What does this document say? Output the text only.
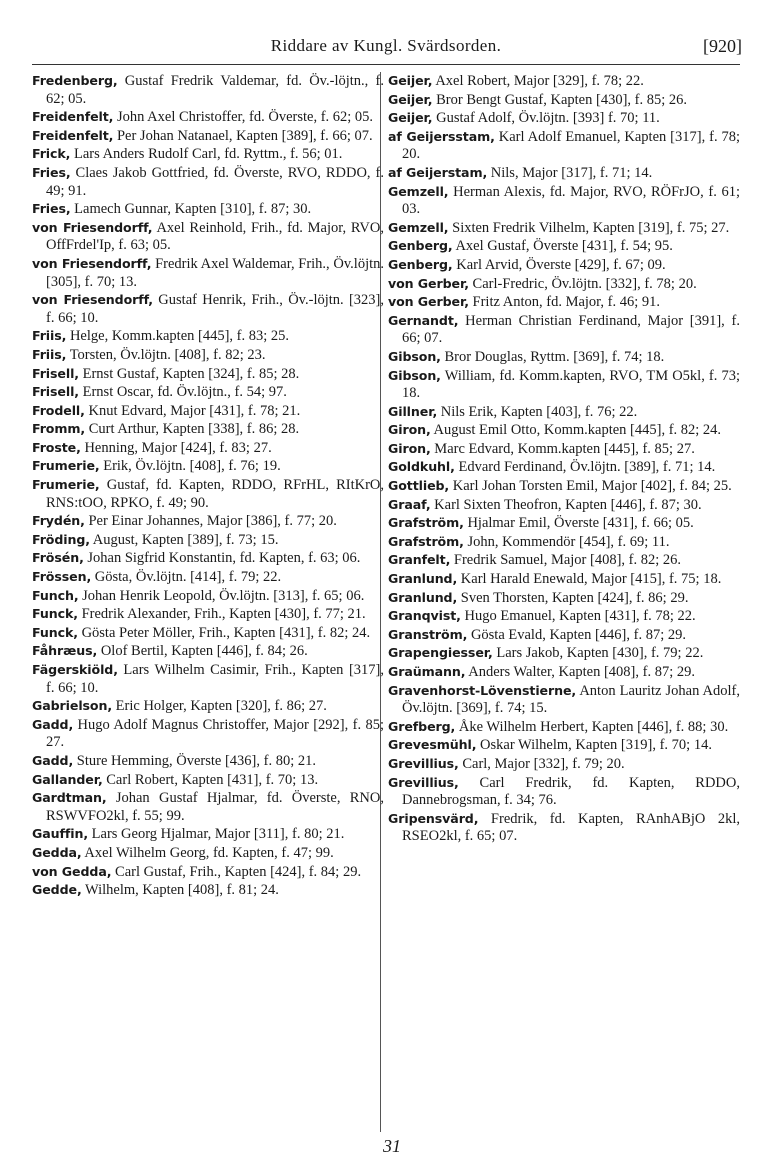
Riddare av Kungl. Svärdsorden.	[920]

Fredenberg, Gustaf Fredrik Valdemar, fd. Öv.-löjtn., f. 62; 05.

Freidenfelt, John Axel Christoffer, fd. Överste, f. 62; 05.

Freidenfelt, Per Johan Natanael, Kapten [389], f. 66; 07.

Frick, Lars Anders Rudolf Carl, fd. Ryttm., f. 56; 01.

Fries, Claes Jakob Gottfried, fd. Överste, RVO, RDDO, f. 49; 91.

Fries, Lamech Gunnar, Kapten [310], f. 87; 30.

von Friesendorff, Axel Reinhold, Frih., fd. Major, RVO, OffFrdel'Ip, f. 63; 05.

von Friesendorff, Fredrik Axel Waldemar, Frih., Öv.löjtn. [305], f. 70; 13.

von Friesendorff, Gustaf Henrik, Frih., Öv.-löjtn. [323], f. 66; 10.

Friis, Helge, Komm.kapten [445], f. 83; 25.

Friis, Torsten, Öv.löjtn. [408], f. 82; 23.

Frisell, Ernst Gustaf, Kapten [324], f. 85; 28.

Frisell, Ernst Oscar, fd. Öv.löjtn., f. 54; 97.

Frodell, Knut Edvard, Major [431], f. 78; 21.

Fromm, Curt Arthur, Kapten [338], f. 86; 28.

Froste, Henning, Major [424], f. 83; 27.

Frumerie, Erik, Öv.löjtn. [408], f. 76; 19.

Frumerie, Gustaf, fd. Kapten, RDDO, RFrHL, RItKrO, RNS:tOO, RPKO, f. 49; 90.

Frydén, Per Einar Johannes, Major [386], f. 77; 20.

Fröding, August, Kapten [389], f. 73; 15.

Frösén, Johan Sigfrid Konstantin, fd. Kapten, f. 63; 06.

Frössen, Gösta, Öv.löjtn. [414], f. 79; 22.

Funch, Johan Henrik Leopold, Öv.löjtn. [313], f. 65; 06.

Funck, Fredrik Alexander, Frih., Kapten [430], f. 77; 21.

Funck, Gösta Peter Möller, Frih., Kapten [431], f. 82; 24.

Fåhræus, Olof Bertil, Kapten [446], f. 84; 26.

Fägerskiöld, Lars Wilhelm Casimir, Frih., Kapten [317], f. 66; 10.

Gabrielson, Eric Holger, Kapten [320], f. 86; 27.

Gadd, Hugo Adolf Magnus Christoffer, Major [292], f. 85; 27.

Gadd, Sture Hemming, Överste [436], f. 80; 21.

Gallander, Carl Robert, Kapten [431], f. 70; 13.

Gardtman, Johan Gustaf Hjalmar, fd. Överste, RNO, RSWVFO2kl, f. 55; 99.

Gauffin, Lars Georg Hjalmar, Major [311], f. 80; 21.

Gedda, Axel Wilhelm Georg, fd. Kapten, f. 47; 99.

von Gedda, Carl Gustaf, Frih., Kapten [424], f. 84; 29.

Gedde, Wilhelm, Kapten [408], f. 81; 24.

Geijer, Axel Robert, Major [329], f. 78; 22.

Geijer, Bror Bengt Gustaf, Kapten [430], f. 85; 26.

Geijer, Gustaf Adolf, Öv.löjtn. [393] f. 70; 11.

af Geijersstam, Karl Adolf Emanuel, Kapten [317], f. 78; 20.

af Geijerstam, Nils, Major [317], f. 71; 14.

Gemzell, Herman Alexis, fd. Major, RVO, RÖFrJO, f. 61; 03.

Gemzell, Sixten Fredrik Vilhelm, Kapten [319], f. 75; 27.

Genberg, Axel Gustaf, Överste [431], f. 54; 95.

Genberg, Karl Arvid, Överste [429], f. 67; 09.

von Gerber, Carl-Fredric, Öv.löjtn. [332], f. 78; 20.

von Gerber, Fritz Anton, fd. Major, f. 46; 91.

Gernandt, Herman Christian Ferdinand, Major [391], f. 66; 07.

Gibson, Bror Douglas, Ryttm. [369], f. 74; 18.

Gibson, William, fd. Komm.kapten, RVO, TM O5kl, f. 73; 18.

Gillner, Nils Erik, Kapten [403], f. 76; 22.

Giron, August Emil Otto, Komm.kapten [445], f. 82; 24.

Giron, Marc Edvard, Komm.kapten [445], f. 85; 27.

Goldkuhl, Edvard Ferdinand, Öv.löjtn. [389], f. 71; 14.

Gottlieb, Karl Johan Torsten Emil, Major [402], f. 84; 25.

Graaf, Karl Sixten Theofron, Kapten [446], f. 87; 30.

Grafström, Hjalmar Emil, Överste [431], f. 66; 05.

Grafström, John, Kommendör [454], f. 69; 11.

Granfelt, Fredrik Samuel, Major [408], f. 82; 26.

Granlund, Karl Harald Enewald, Major [415], f. 75; 18.

Granlund, Sven Thorsten, Kapten [424], f. 86; 29.

Granqvist, Hugo Emanuel, Kapten [431], f. 78; 22.

Granström, Gösta Evald, Kapten [446], f. 87; 29.

Grapengiesser, Lars Jakob, Kapten [430], f. 79; 22.

Graümann, Anders Walter, Kapten [408], f. 87; 29.

Gravenhorst-Lövenstierne, Anton Lauritz Johan Adolf, Öv.löjtn. [369], f. 74; 15.

Grefberg, Åke Wilhelm Herbert, Kapten [446], f. 88; 30.

Grevesmühl, Oskar Wilhelm, Kapten [319], f. 70; 14.

Grevillius, Carl, Major [332], f. 79; 20.

Grevillius, Carl Fredrik, fd. Kapten, RDDO, Dannebrogsman, f. 34; 76.

Gripensvärd, Fredrik, fd. Kapten, RAnhABjO 2kl, RSEO2kl, f. 65; 07.

31
